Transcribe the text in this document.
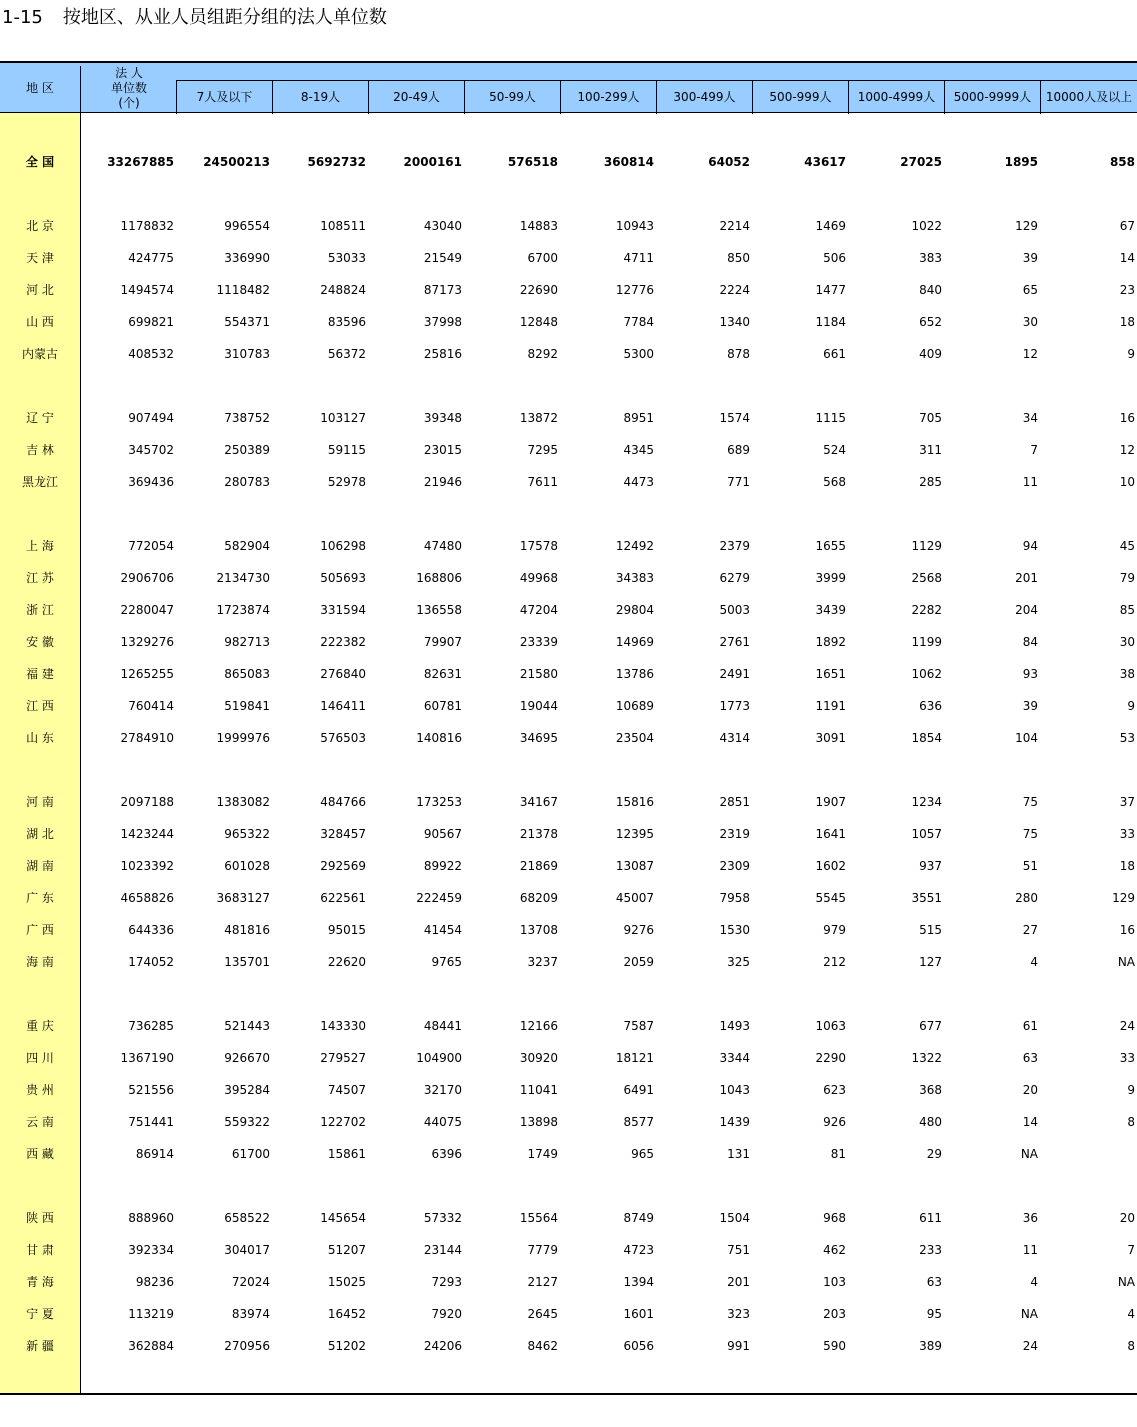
1-15 按地区、从业人员组距分组的法人单位数
地 区
法 人
单位数
(个)	7人及以下	8-19人	20-49人	50-99人	100-299人	300-499人	500-999人	1000-4999人	5000-9999人	10000人及以上
全 国	33267885	24500213	5692732	2000161	576518	360814	64052	43617	27025	1895	858
北 京	1178832	996554	108511	43040	14883	10943	2214	1469	1022	129	67
天 津	424775	336990	53033	21549	6700	4711	850	506	383	39	14
河 北	1494574	1118482	248824	87173	22690	12776	2224	1477	840	65	23
山 西	699821	554371	83596	37998	12848	7784	1340	1184	652	30	18
内蒙古	408532	310783	56372	25816	8292	5300	878	661	409	12	9
辽 宁	907494	738752	103127	39348	13872	8951	1574	1115	705	34	16
吉 林	345702	250389	59115	23015	7295	4345	689	524	311	7	12
黑龙江	369436	280783	52978	21946	7611	4473	771	568	285	11	10
上 海	772054	582904	106298	47480	17578	12492	2379	1655	1129	94	45
江 苏	2906706	2134730	505693	168806	49968	34383	6279	3999	2568	201	79
浙 江	2280047	1723874	331594	136558	47204	29804	5003	3439	2282	204	85
安 徽	1329276	982713	222382	79907	23339	14969	2761	1892	1199	84	30
福 建	1265255	865083	276840	82631	21580	13786	2491	1651	1062	93	38
江 西	760414	519841	146411	60781	19044	10689	1773	1191	636	39	9
山 东	2784910	1999976	576503	140816	34695	23504	4314	3091	1854	104	53
河 南	2097188	1383082	484766	173253	34167	15816	2851	1907	1234	75	37
湖 北	1423244	965322	328457	90567	21378	12395	2319	1641	1057	75	33
湖 南	1023392	601028	292569	89922	21869	13087	2309	1602	937	51	18
广 东	4658826	3683127	622561	222459	68209	45007	7958	5545	3551	280	129
广 西	644336	481816	95015	41454	13708	9276	1530	979	515	27	16
海 南	174052	135701	22620	9765	3237	2059	325	212	127	4	NA
重 庆	736285	521443	143330	48441	12166	7587	1493	1063	677	61	24
四 川	1367190	926670	279527	104900	30920	18121	3344	2290	1322	63	33
贵 州	521556	395284	74507	32170	11041	6491	1043	623	368	20	9
云 南	751441	559322	122702	44075	13898	8577	1439	926	480	14	8
西 藏	86914	61700	15861	6396	1749	965	131	81	29	NA
陕 西	888960	658522	145654	57332	15564	8749	1504	968	611	36	20
甘 肃	392334	304017	51207	23144	7779	4723	751	462	233	11	7
青 海	98236	72024	15025	7293	2127	1394	201	103	63	4	NA
宁 夏	113219	83974	16452	7920	2645	1601	323	203	95	NA	4
新 疆	362884	270956	51202	24206	8462	6056	991	590	389	24	8
